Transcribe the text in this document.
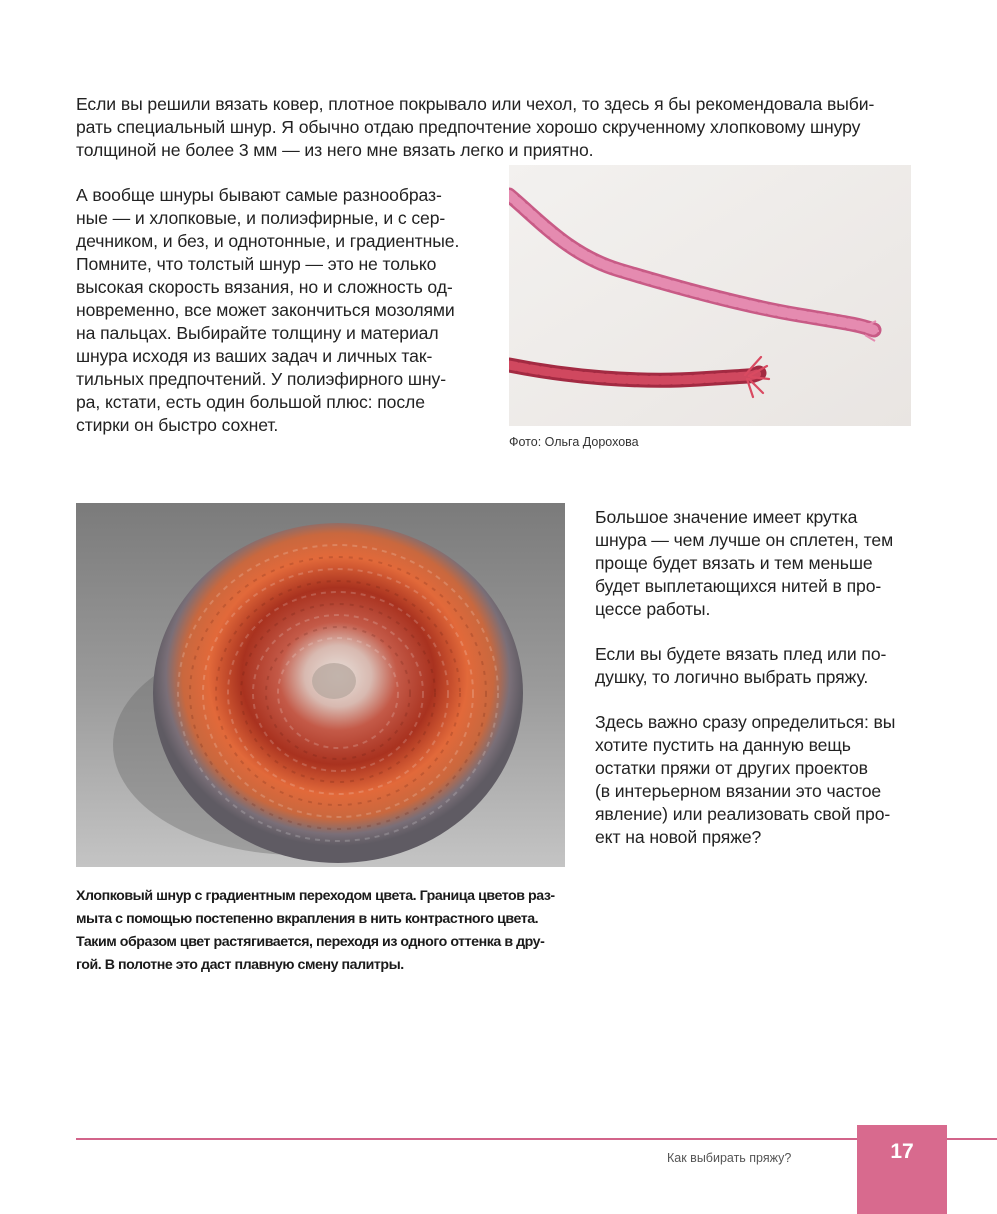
Если вы решили вязать ковер, плотное покрывало или чехол, то здесь я бы рекомендовала выби-
рать специальный шнур. Я обычно отдаю предпочтение хорошо скрученному хлопковому шнуру
толщиной не более 3 мм — из него мне вязать легко и приятно.

А вообще шнуры бывают самые разнообраз-
ные — и хлопковые, и полиэфирные, и с сер-
дечником, и без, и однотонные, и градиентные.
Помните, что толстый шнур — это не только
высокая скорость вязания, но и сложность од-
новременно, все может закончиться мозолями
на пальцах. Выбирайте толщину и материал
шнура исходя из ваших задач и личных так-
тильных предпочтений. У полиэфирного шну-
ра, кстати, есть один большой плюс: после
стирки он быстро сохнет.

Фото: Ольга Дорохова

Хлопковый шнур с градиентным переходом цвета. Граница цветов раз-
мыта с помощью постепенно вкрапления в нить контрастного цвета.
Таким образом цвет растягивается, переходя из одного оттенка в дру-
гой. В полотне это даст плавную смену палитры.

Большое значение имеет крутка
шнура — чем лучше он сплетен, тем
проще будет вязать и тем меньше
будет выплетающихся нитей в про-
цессе работы.

Если вы будете вязать плед или по-
душку, то логично выбрать пряжу.

Здесь важно сразу определиться: вы
хотите пустить на данную вещь
остатки пряжи от других проектов
(в интерьерном вязании это частое
явление) или реализовать свой про-
ект на новой пряже?

Как выбирать пряжу?	17
